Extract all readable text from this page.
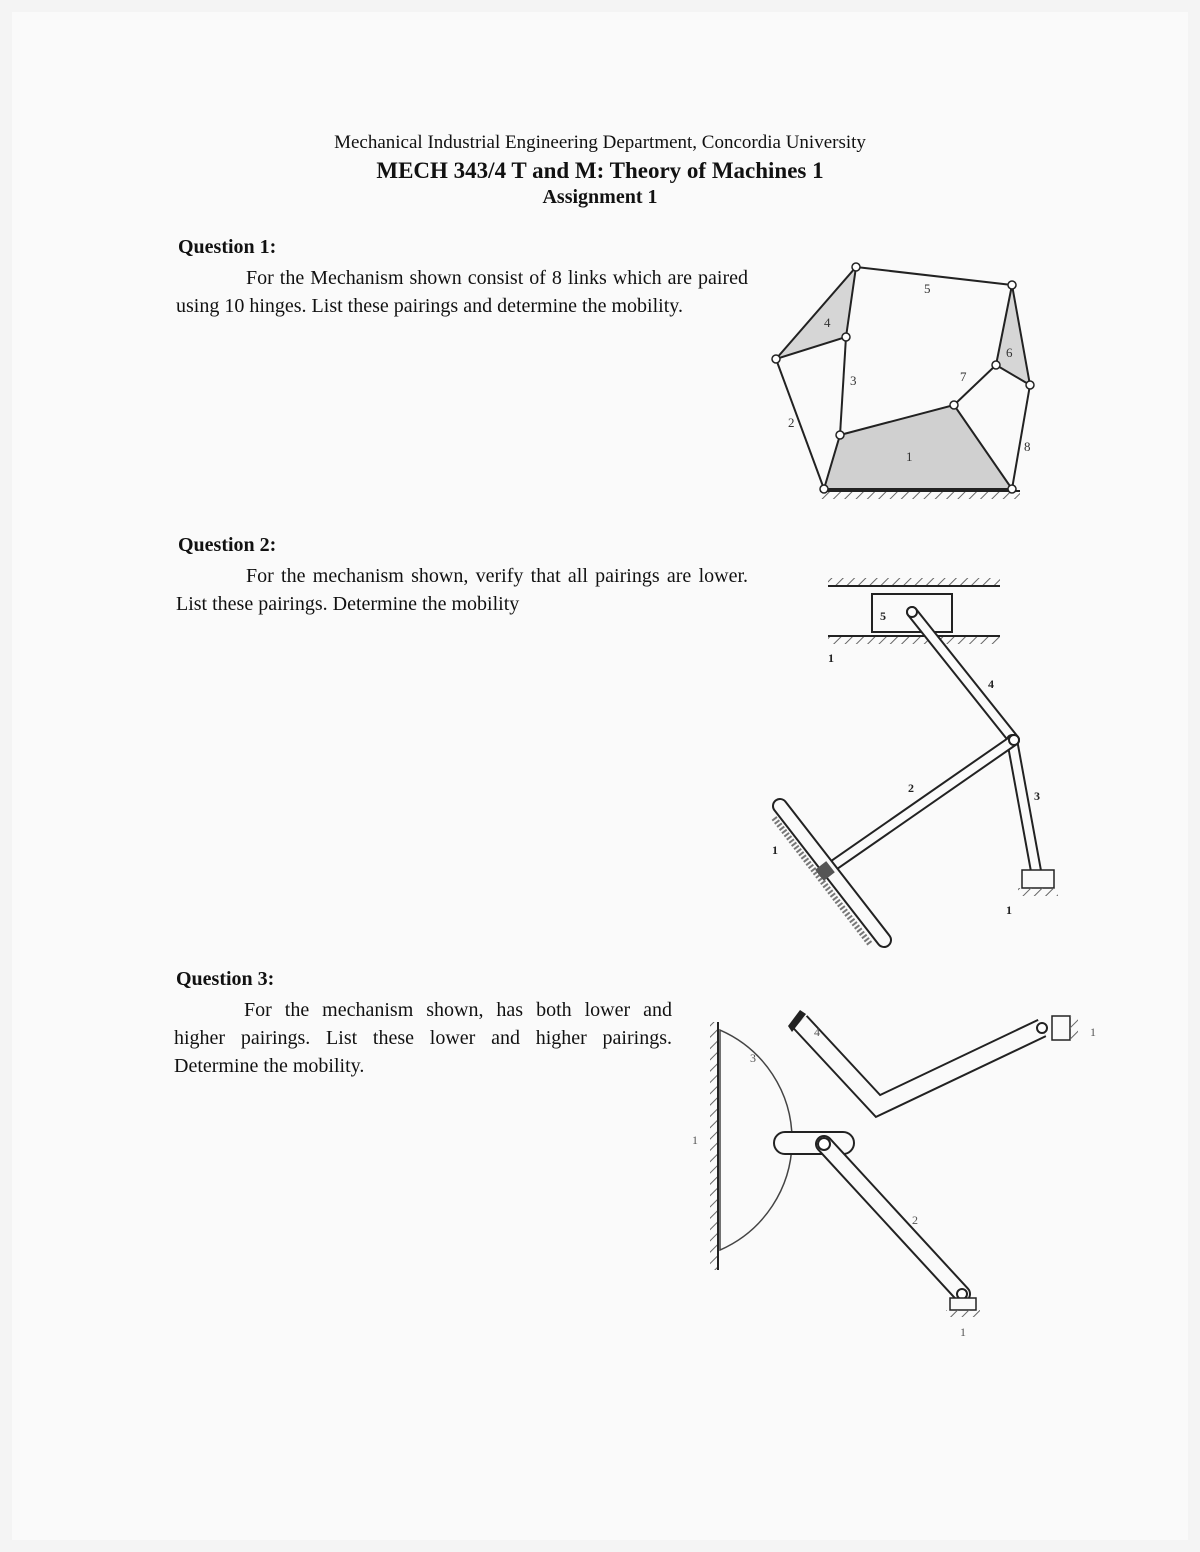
Mechanical Industrial Engineering Department, Concordia University
MECH 343/4 T and M: Theory of Machines 1
Assignment 1
Question 1:
For the Mechanism shown consist of 8 links which are paired using 10 hinges. List these pairings and determine the mobility.
1
2
3
4
5
6
7
8
Question 2:
For the mechanism shown, verify that all pairings are lower. List these pairings. Determine the mobility
5
1
4
2
3
1
1
Question 3:
For the mechanism shown, has both lower and higher pairings. List these lower and higher pairings. Determine the mobility.
4	1
3
1
2
1
